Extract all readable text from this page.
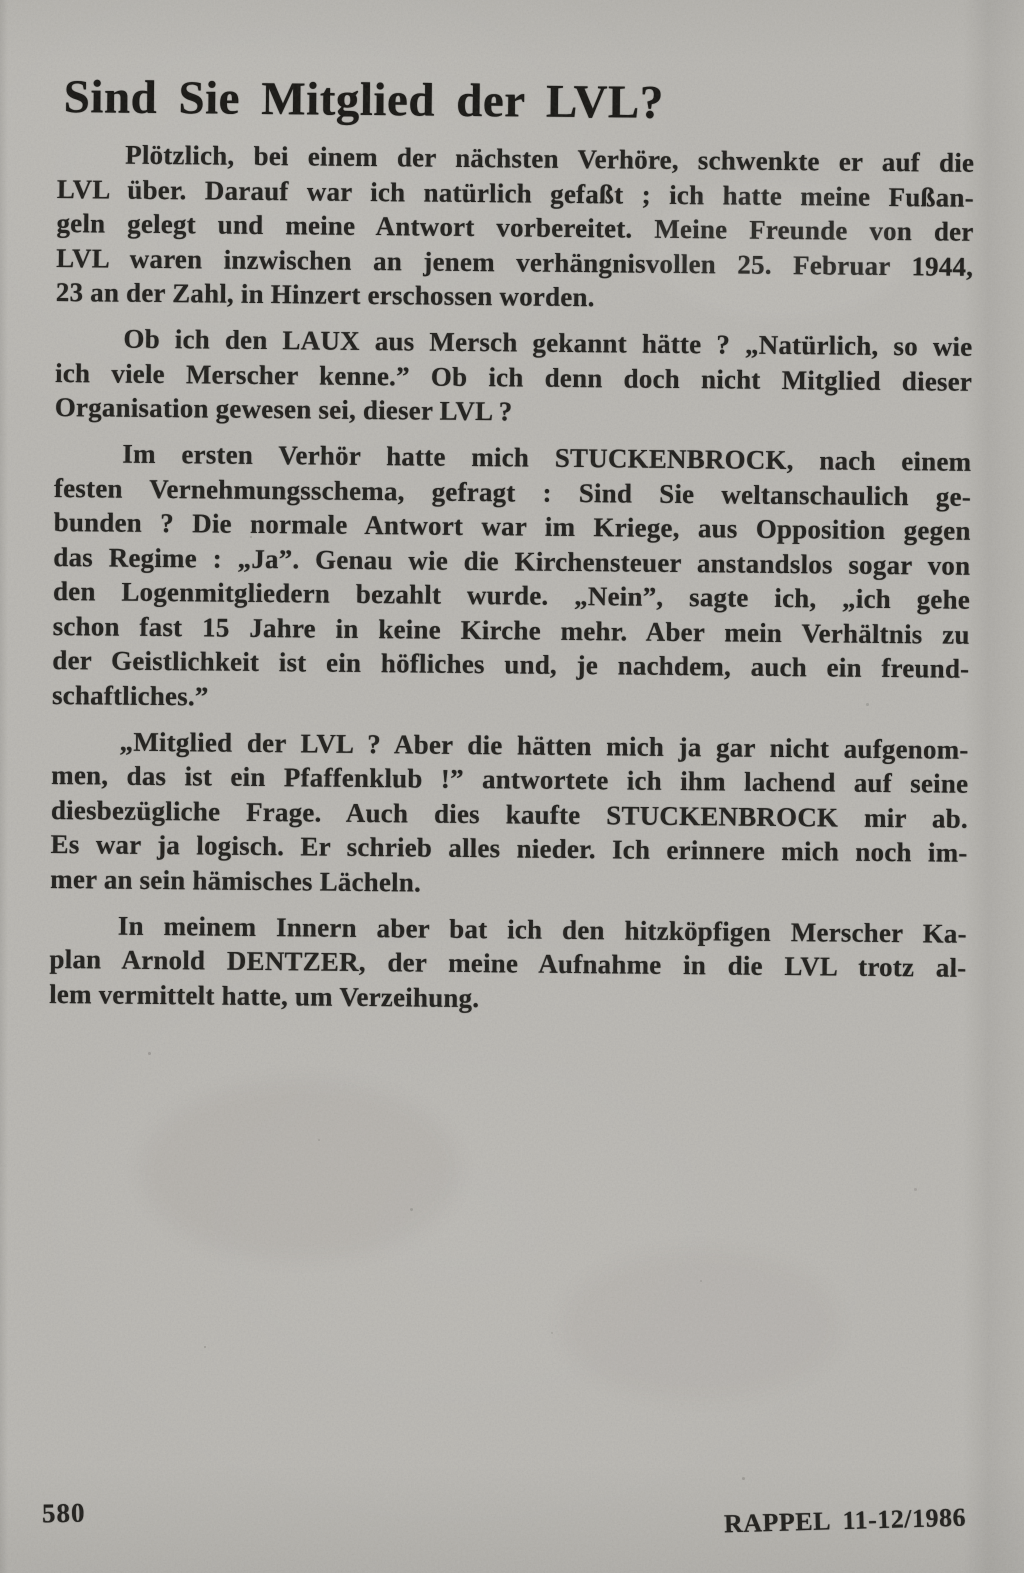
Sind Sie Mitglied der LVL?
Plötzlich, bei einem der nächsten Verhöre, schwenkte er auf die
LVL über. Darauf war ich natürlich gefaßt ; ich hatte meine Fußan-
geln gelegt und meine Antwort vorbereitet. Meine Freunde von der
LVL waren inzwischen an jenem verhängnisvollen 25. Februar 1944,
23 an der Zahl, in Hinzert erschossen worden.
Ob ich den LAUX aus Mersch gekannt hätte ? „Natürlich, so wie
ich viele Merscher kenne.” Ob ich denn doch nicht Mitglied dieser
Organisation gewesen sei, dieser LVL ?
Im ersten Verhör hatte mich STUCKENBROCK, nach einem
festen Vernehmungsschema, gefragt : Sind Sie weltanschaulich ge-
bunden ? Die normale Antwort war im Kriege, aus Opposition gegen
das Regime : „Ja”. Genau wie die Kirchensteuer anstandslos sogar von
den Logenmitgliedern bezahlt wurde. „Nein”, sagte ich, „ich gehe
schon fast 15 Jahre in keine Kirche mehr. Aber mein Verhältnis zu
der Geistlichkeit ist ein höfliches und, je nachdem, auch ein freund-
schaftliches.”
„Mitglied der LVL ? Aber die hätten mich ja gar nicht aufgenom-
men, das ist ein Pfaffenklub !” antwortete ich ihm lachend auf seine
diesbezügliche Frage. Auch dies kaufte STUCKENBROCK mir ab.
Es war ja logisch. Er schrieb alles nieder. Ich erinnere mich noch im-
mer an sein hämisches Lächeln.
In meinem Innern aber bat ich den hitzköpfigen Merscher Ka-
plan Arnold DENTZER, der meine Aufnahme in die LVL trotz al-
lem vermittelt hatte, um Verzeihung.
580	RAPPEL 11-12/1986
